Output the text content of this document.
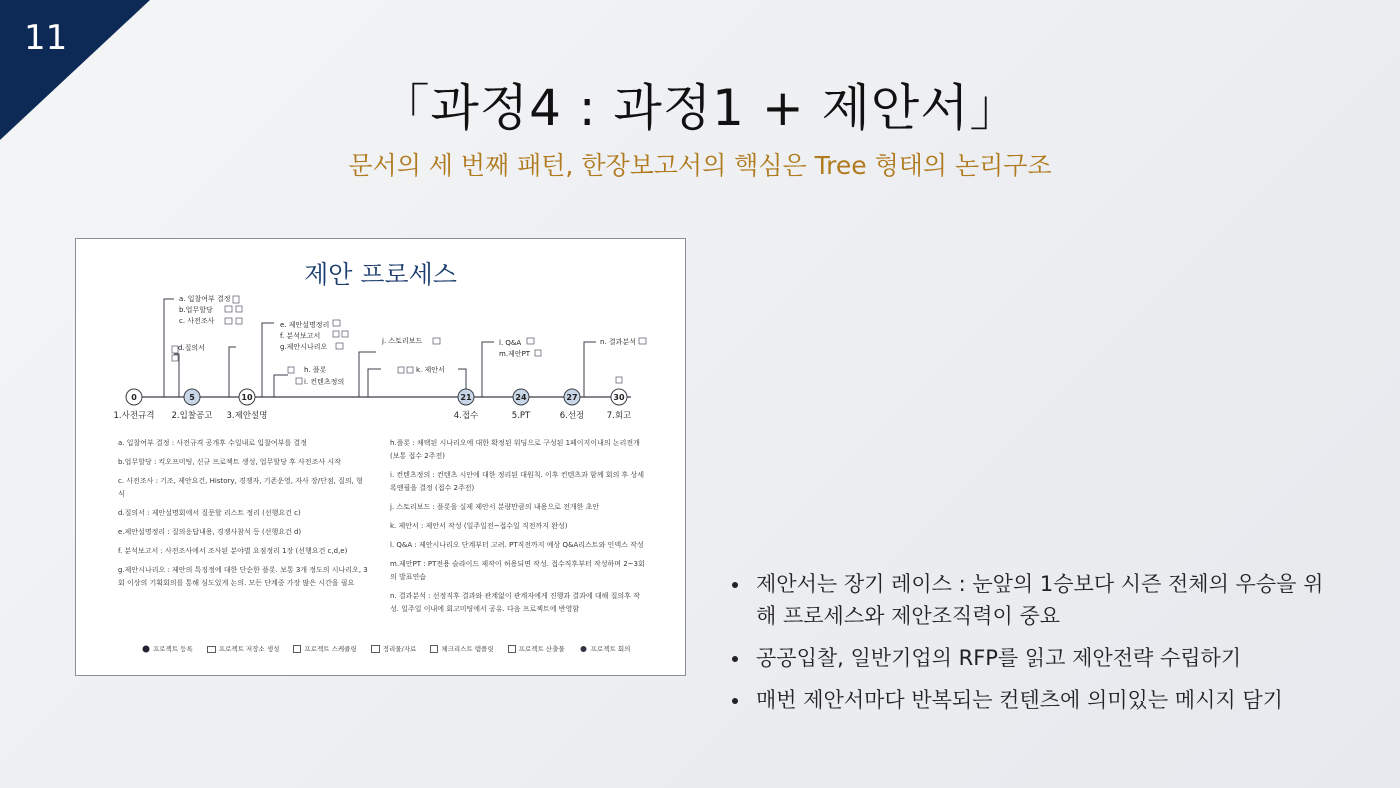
11
「과정4 : 과정1 + 제안서」
문서의 세 번째 패턴, 한장보고서의 핵심은 Tree 형태의 논리구조
제안 프로세스
0
1.사전규격
5
2.입찰공고
10
3.제안설명
21
4.접수
24
5.PT
27
6.선정
30
7.회고
a. 입찰여부 결정
b.업무할당
c. 사전조사
d.질의서
e. 제안설명정리
f. 분석보고서
g.제안시나리오
h. 플롯
i. 컨텐츠정의
j. 스토리보드
k. 제안서
l. Q&A
m.제안PT
n. 결과분석

a. 입찰여부 결정 : 사전규격 공개후 수일내로 입찰여부를 결정

b.업무할당 : 킥오프미팅, 신규 프로젝트 생성, 업무할당 후 사전조사 시작

c. 사전조사 : 기조, 제안요건, History, 경쟁자, 기존운영, 자사 장/단점, 질의, 형식

d.질의서 : 제안설명회에서 질문할 리스트 정리 (선행요건 c)

e.제안설명정리 : 질의응답내용, 경쟁사참석 등 (선행요건 d)

f. 분석보고서 : 사전조사에서 조사된 분야별 요점정리 1장 (선행요건 c,d,e)

g.제안시나리오 : 제안의 특징정에 대한 단순한 플롯. 보통 3개 정도의 시나리오, 3회 이상의 기획회의를 통해 심도있게 논의. 모든 단계중 가장 많은 시간을 필요

h.플롯 : 채택된 시나리오에 대한 확정된 워딩으로 구성된 1페이지이내의 논리전개 (보통 접수 2주전)

i. 컨텐츠정의 : 컨텐츠 시안에 대한 정리된 대원칙. 이후 컨텐츠과 함께 회의 후 상세 록앤필을 결정 (접수 2주전)

j. 스토리보드 : 플롯을 실제 제안서 분량만큼의 내용으로 전개한 초안

k. 제안서 : 제안서 작성 (일주일전~접수일 직전까지 완성)

l. Q&A : 제안시나리오 단계부터 고려. PT직전까지 예상 Q&A리스트와 인덱스 작성

m.제안PT : PT전용 슬라이드 제작이 허용되면 작성. 접수직후부터 작성하며 2~3회의 발표연습

n. 결과분석 : 선정직후 결과와 관계없이 관계자에게 진행과 결과에 대해 질의후 작성. 일주일 이내에 회고미팅에서 공유. 다음 프로젝트에 반영함

프로젝트 등록	프로젝트 저장소 생성	프로젝트 스케쥴링	정리물/자료	체크리스트 템플릿	프로젝트 산출물	프로젝트 회의
제안서는 장기 레이스 : 눈앞의 1승보다 시즌 전체의 우승을 위해 프로세스와 제안조직력이 중요
공공입찰, 일반기업의 RFP를 읽고 제안전략 수립하기
매번 제안서마다 반복되는 컨텐츠에 의미있는 메시지 담기
